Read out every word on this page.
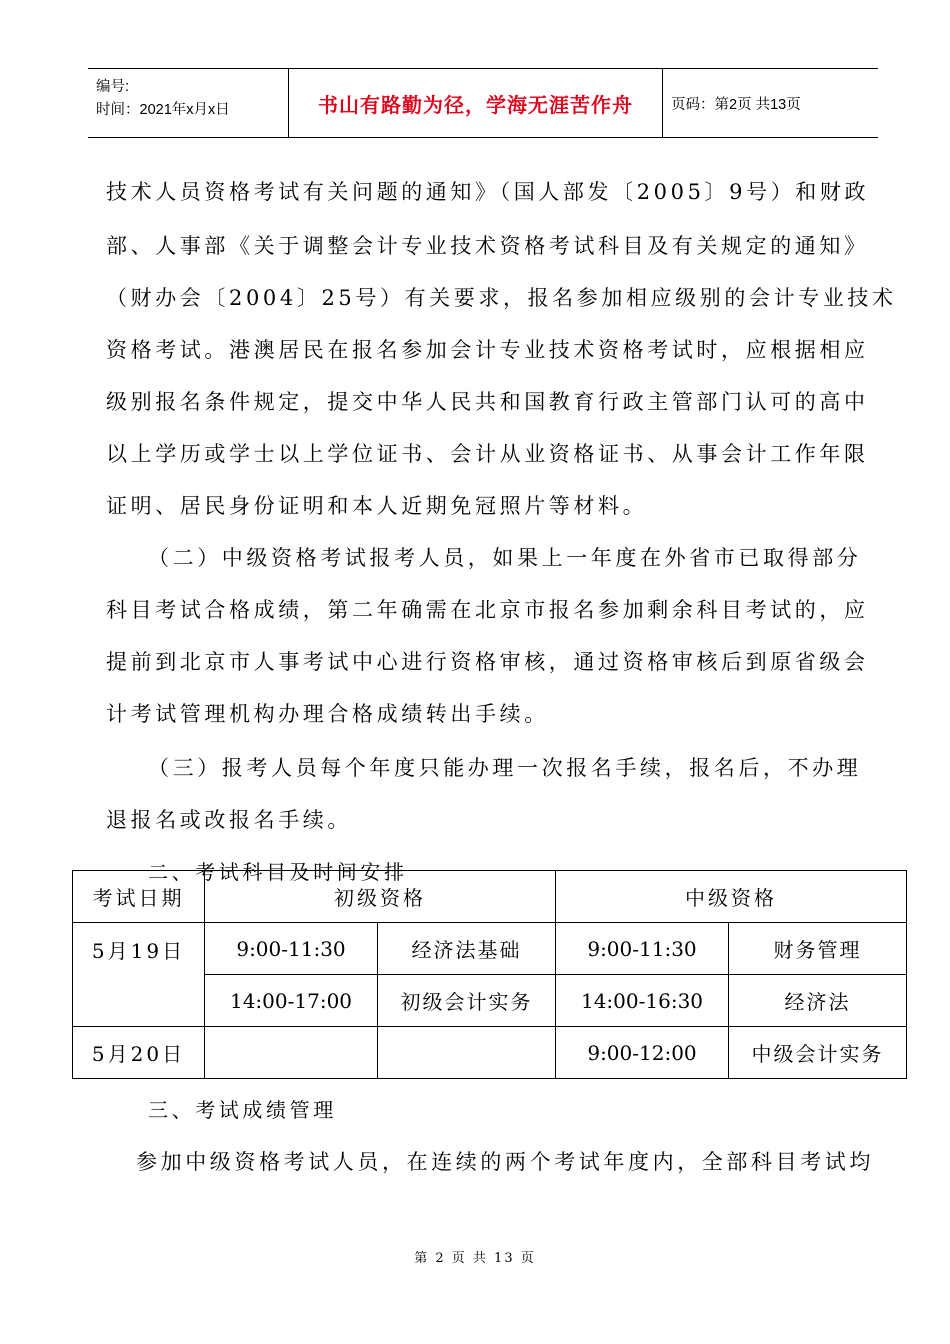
编号:
时间：2021年x月x日	书山有路勤为径，学海无涯苦作舟	页码：第2页 共13页
技术人员资格考试有关问题的通知》（国人部发〔2005〕9号）和财政
部、人事部《关于调整会计专业技术资格考试科目及有关规定的通知》
（财办会〔2004〕25号）有关要求，报名参加相应级别的会计专业技术
资格考试。港澳居民在报名参加会计专业技术资格考试时，应根据相应
级别报名条件规定，提交中华人民共和国教育行政主管部门认可的高中
以上学历或学士以上学位证书、会计从业资格证书、从事会计工作年限
证明、居民身份证明和本人近期免冠照片等材料。
（二）中级资格考试报考人员，如果上一年度在外省市已取得部分
科目考试合格成绩，第二年确需在北京市报名参加剩余科目考试的，应
提前到北京市人事考试中心进行资格审核，通过资格审核后到原省级会
计考试管理机构办理合格成绩转出手续。
（三）报考人员每个年度只能办理一次报名手续，报名后，不办理
退报名或改报名手续。
二、考试科目及时间安排
考试日期	初级资格		中级资格	
5月19日	9:00-11:30	经济法基础	9:00-11:30	财务管理
	14:00-17:00	初级会计实务	14:00-16:30	经济法
5月20日			9:00-12:00	中级会计实务
三、考试成绩管理
参加中级资格考试人员，在连续的两个考试年度内，全部科目考试均
第 2 页 共 13 页
